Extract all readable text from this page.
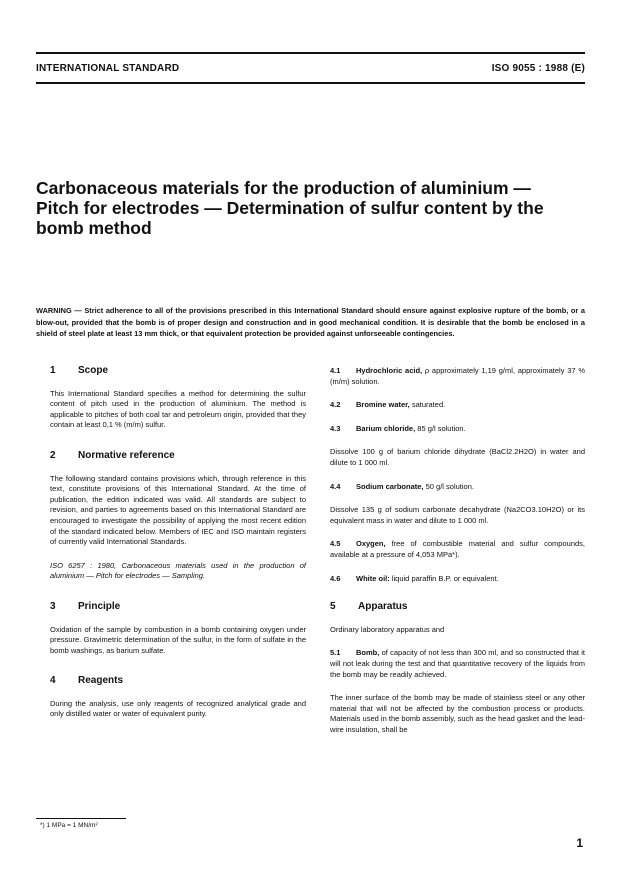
INTERNATIONAL STANDARD	ISO 9055 : 1988 (E)
Carbonaceous materials for the production of aluminium — Pitch for electrodes — Determination of sulfur content by the bomb method
WARNING — Strict adherence to all of the provisions prescribed in this International Standard should ensure against explosive rupture of the bomb, or a blow-out, provided that the bomb is of proper design and construction and in good mechanical condition. It is desirable that the bomb be enclosed in a shield of steel plate at least 13 mm thick, or that equivalent protection be provided against unforseeable contingencies.
1 Scope
This International Standard specifies a method for determining the sulfur content of pitch used in the production of aluminium. The method is applicable to pitches of both coal tar and petroleum origin, provided that they contain at least 0,1 % (m/m) sulfur.
2 Normative reference
The following standard contains provisions which, through reference in this text, constitute provisions of this International Standard. At the time of publication, the edition indicated was valid. All standards are subject to revision, and parties to agreements based on this International Standard are encouraged to investigate the possibility of applying the most recent edition of the standard indicated below. Members of IEC and ISO maintain registers of currently valid International Standards.
ISO 6257 : 1980, Carbonaceous materials used in the production of aluminium — Pitch for electrodes — Sampling.
3 Principle
Oxidation of the sample by combustion in a bomb containing oxygen under pressure. Gravimetric determination of the sulfur, in the form of sulfate in the bomb washings, as barium sulfate.
4 Reagents
During the analysis, use only reagents of recognized analytical grade and only distilled water or water of equivalent purity.
4.1 Hydrochloric acid, ρ approximately 1,19 g/ml, approximately 37 % (m/m) solution.
4.2 Bromine water, saturated.
4.3 Barium chloride, 85 g/l solution.
Dissolve 100 g of barium chloride dihydrate (BaCl2.2H2O) in water and dilute to 1 000 ml.
4.4 Sodium carbonate, 50 g/l solution.
Dissolve 135 g of sodium carbonate decahydrate (Na2CO3.10H2O) or its equivalent mass in water and dilute to 1 000 ml.
4.5 Oxygen, free of combustible material and sulfur compounds, available at a pressure of 4,053 MPa*).
4.6 White oil: liquid paraffin B.P. or equivalent.
5 Apparatus
Ordinary laboratory apparatus and
5.1 Bomb, of capacity of not less than 300 ml, and so constructed that it will not leak during the test and that quantitative recovery of the liquids from the bomb may be readily achieved.
The inner surface of the bomb may be made of stainless steel or any other material that will not be affected by the combustion process or products. Materials used in the bomb assembly, such as the head gasket and the lead-wire insulation, shall be
*) 1 MPa = 1 MN/m²
1
